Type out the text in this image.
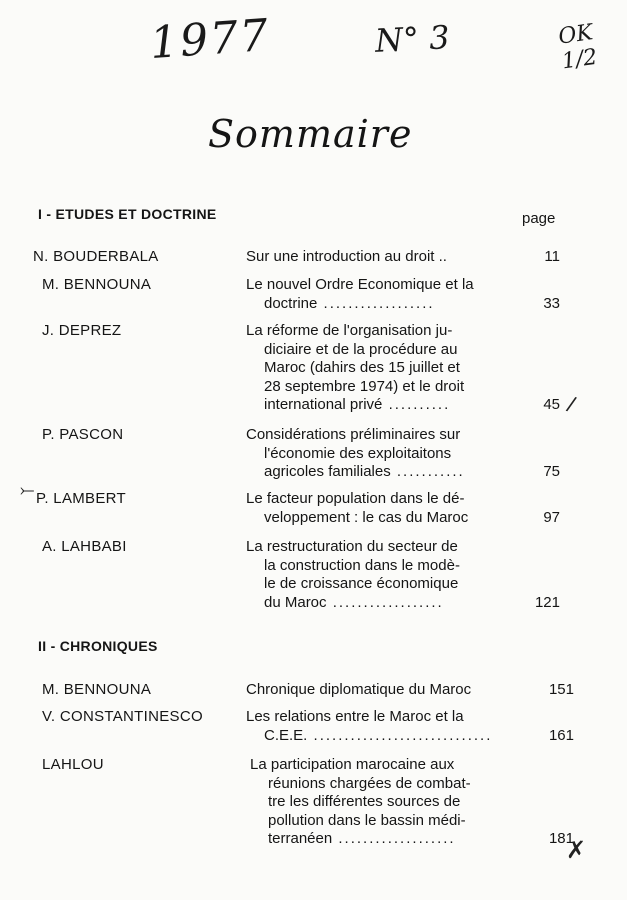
1977	N° 3	OK 1/2
Sommaire
I - ETUDES ET DOCTRINE	page
II - CHRONIQUES
N. BOUDERBALA	Sur une introduction au droit ..	11
M. BENNOUNA	Le nouvel Ordre Economique et la
doctrine ..................	33
J. DEPREZ	La réforme de l'organisation ju-
diciaire et de la procédure au
Maroc (dahirs des 15 juillet et
28 septembre 1974) et le droit
international privé ..........	45
P. PASCON	Considérations préliminaires sur
l'économie des exploitaitons
agricoles familiales ...........	75
P. LAMBERT	Le facteur population dans le dé-
veloppement : le cas du Maroc	97
A. LAHBABI	La restructuration du secteur de
la construction dans le modè-
le de croissance économique
du Maroc ..................	121
M. BENNOUNA	Chronique diplomatique du Maroc	151
V. CONSTANTINESCO	Les relations entre le Maroc et la
C.E.E. .............................	161
LAHLOU	La participation marocaine aux
réunions chargées de combat-
tre les différentes sources de
pollution dans le bassin médi-
terranéen ...................	181
/
⤚
✗
